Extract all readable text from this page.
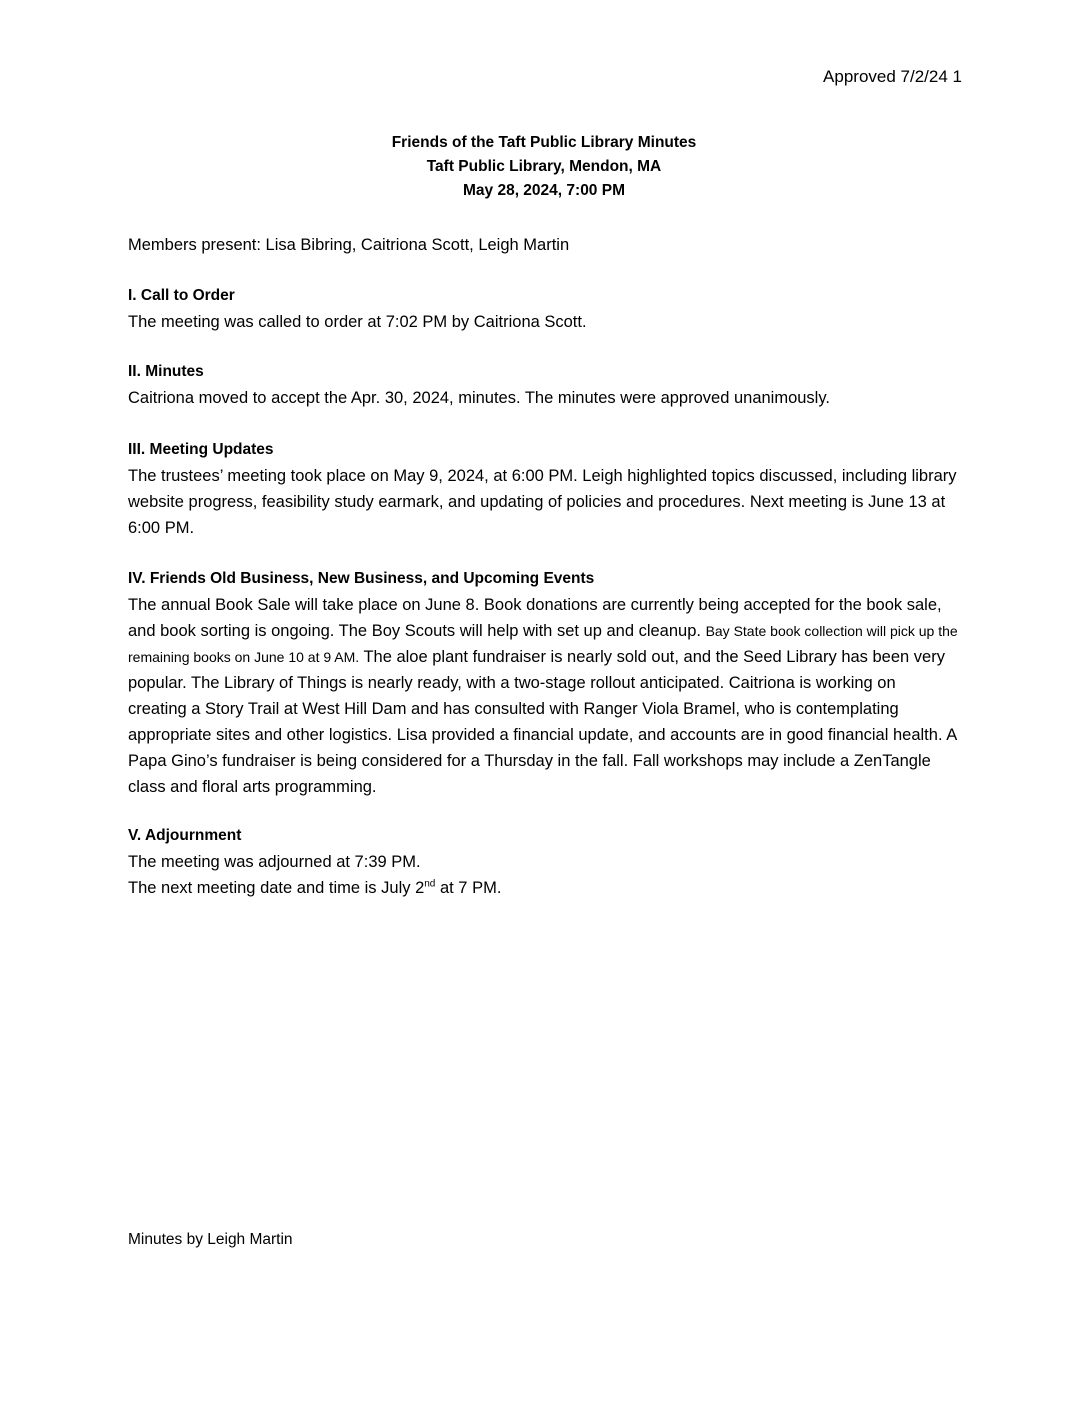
Approved 7/2/24 1
Friends of the Taft Public Library Minutes
Taft Public Library, Mendon, MA
May 28, 2024, 7:00 PM

Members present: Lisa Bibring, Caitriona Scott, Leigh Martin

I. Call to Order

The meeting was called to order at 7:02 PM by Caitriona Scott.

II. Minutes

Caitriona moved to accept the Apr. 30, 2024, minutes. The minutes were approved unanimously.

III. Meeting Updates

The trustees’ meeting took place on May 9, 2024, at 6:00 PM. Leigh highlighted topics discussed, including library website progress, feasibility study earmark, and updating of policies and procedures. Next meeting is June 13 at 6:00 PM.

IV. Friends Old Business, New Business, and Upcoming Events

The annual Book Sale will take place on June 8. Book donations are currently being accepted for the book sale, and book sorting is ongoing. The Boy Scouts will help with set up and cleanup. Bay State book collection will pick up the remaining books on June 10 at 9 AM. The aloe plant fundraiser is nearly sold out, and the Seed Library has been very popular. The Library of Things is nearly ready, with a two-stage rollout anticipated. Caitriona is working on creating a Story Trail at West Hill Dam and has consulted with Ranger Viola Bramel, who is contemplating appropriate sites and other logistics. Lisa provided a financial update, and accounts are in good financial health. A Papa Gino’s fundraiser is being considered for a Thursday in the fall. Fall workshops may include a ZenTangle class and floral arts programming.

V. Adjournment

The meeting was adjourned at 7:39 PM.

The next meeting date and time is July 2nd at 7 PM.

Minutes by Leigh Martin
